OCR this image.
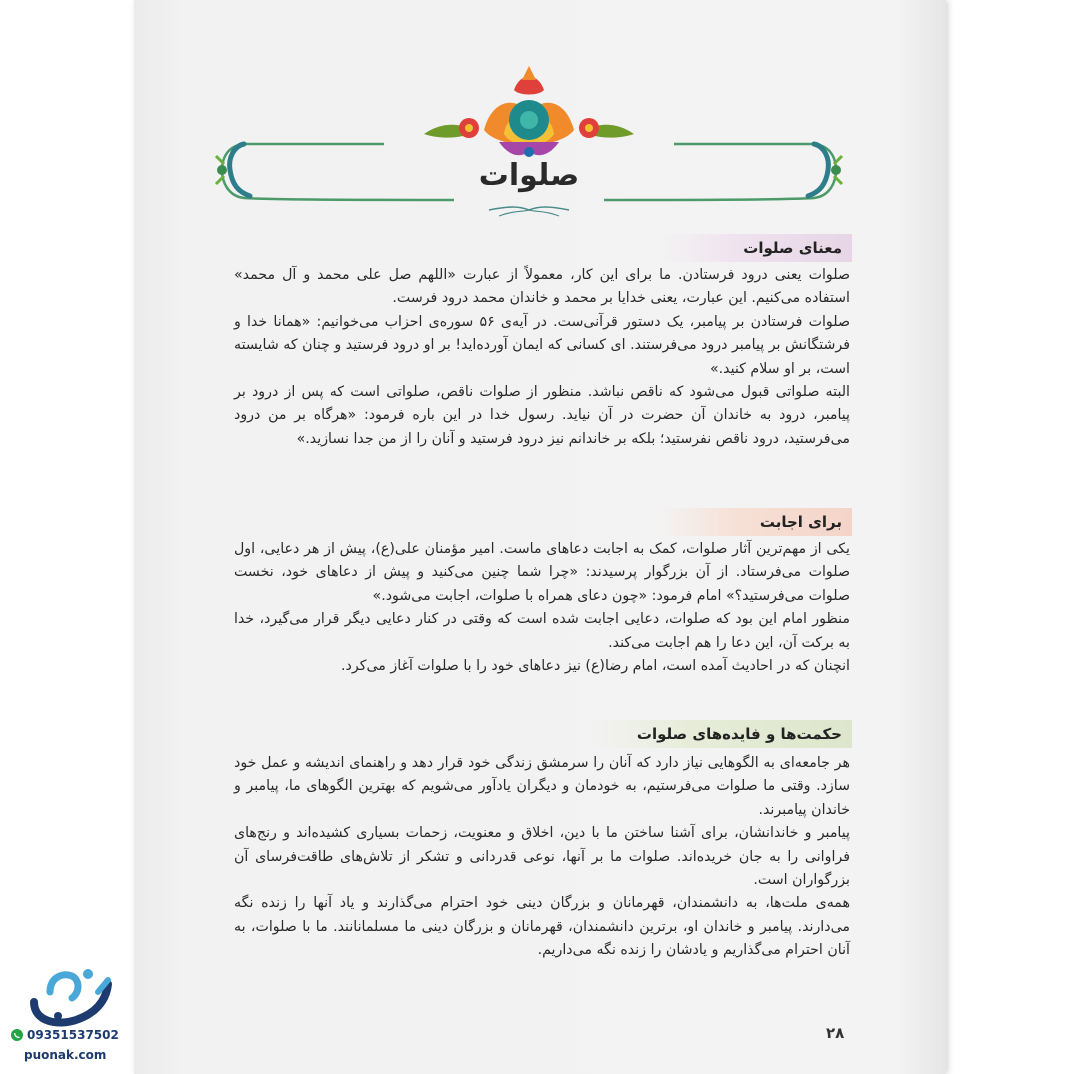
صلوات
معنای صلوات

صلوات یعنی درود فرستادن. ما برای این کار، معمولاً از عبارت «اللهم صل علی محمد و آل محمد» استفاده می‌کنیم. این عبارت، یعنی خدایا بر محمد و خاندان محمد درود فرست.

صلوات فرستادن بر پیامبر، یک دستور قرآنی‌ست. در آیه‌ی ۵۶ سوره‌ی احزاب می‌خوانیم: «همانا خدا و فرشتگانش بر پیامبر درود می‌فرستند. ای کسانی که ایمان آورده‌اید! بر او درود فرستید و چنان که شایسته است، بر او سلام کنید.»

البته صلواتی قبول می‌شود که ناقص نباشد. منظور از صلوات ناقص، صلواتی است که پس از درود بر پیامبر، درود به خاندان آن حضرت در آن نیاید. رسول خدا در این باره فرمود: «هرگاه بر من درود می‌فرستید، درود ناقص نفرستید؛ بلکه بر خاندانم نیز درود فرستید و آنان را از من جدا نسازید.»

برای اجابت

یکی از مهم‌ترین آثار صلوات، کمک به اجابت دعاهای ماست. امیر مؤمنان علی(ع)، پیش از هر دعایی، اول صلوات می‌فرستاد. از آن بزرگوار پرسیدند: «چرا شما چنین می‌کنید و پیش از دعاهای خود، نخست صلوات می‌فرستید؟» امام فرمود: «چون دعای همراه با صلوات، اجابت می‌شود.»

منظور امام این بود که صلوات، دعایی اجابت شده است که وقتی در کنار دعایی دیگر قرار می‌گیرد، خدا به برکت آن، این دعا را هم اجابت می‌کند.

انچنان که در احادیث آمده است، امام رضا(ع) نیز دعاهای خود را با صلوات آغاز می‌کرد.

حکمت‌ها و فایده‌های صلوات

هر جامعه‌ای به الگوهایی نیاز دارد که آنان را سرمشق زندگی خود قرار دهد و راهنمای اندیشه و عمل خود سازد. وقتی ما صلوات می‌فرستیم، به خودمان و دیگران یادآور می‌شویم که بهترین الگوهای ما، پیامبر و خاندان پیامبرند.

پیامبر و خاندانشان، برای آشنا ساختن ما با دین، اخلاق و معنویت، زحمات بسیاری کشیده‌اند و رنج‌های فراوانی را به جان خریده‌اند. صلوات ما بر آنها، نوعی قدردانی و تشکر از تلاش‌های طاقت‌فرسای آن بزرگواران است.

همه‌ی ملت‌ها، به دانشمندان، قهرمانان و بزرگان دینی خود احترام می‌گذارند و یاد آنها را زنده نگه می‌دارند. پیامبر و خاندان او، برترین دانشمندان، قهرمانان و بزرگان دینی ما مسلمانانند. ما با صلوات، به آنان احترام می‌گذاریم و یادشان را زنده نگه می‌داریم.

۲۸
09351537502
puonak.com
